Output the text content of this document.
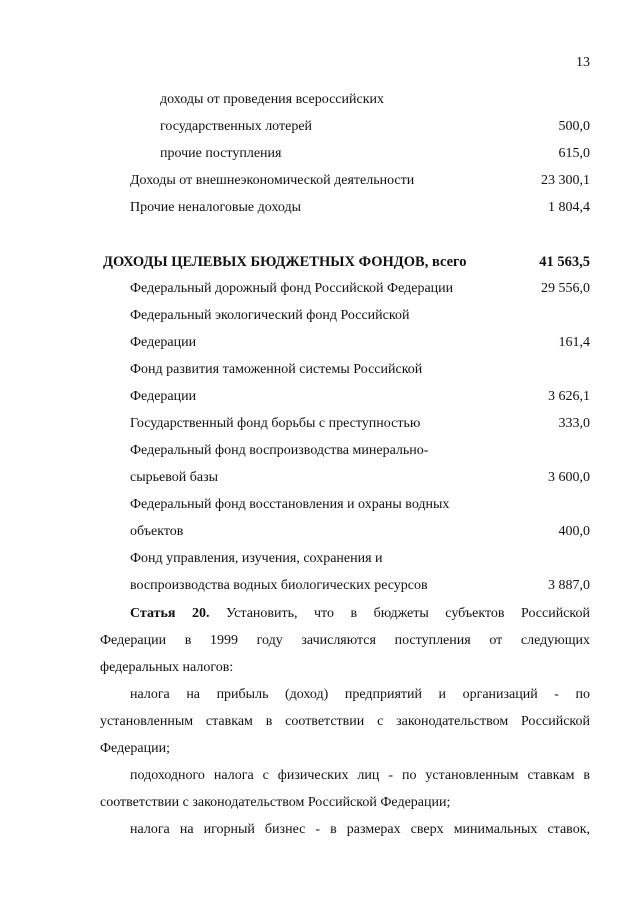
13
доходы от проведения всероссийских
государственных лотерей	500,0
прочие поступления	615,0
Доходы от внешнеэкономической деятельности	23 300,1
Прочие неналоговые доходы	1 804,4
ДОХОДЫ ЦЕЛЕВЫХ БЮДЖЕТНЫХ ФОНДОВ, всего	41 563,5
Федеральный дорожный фонд Российской Федерации	29 556,0
Федеральный экологический фонд Российской
Федерации	161,4
Фонд развития таможенной системы Российской
Федерации	3 626,1
Государственный фонд борьбы с преступностью	333,0
Федеральный фонд воспроизводства минерально-
сырьевой базы	3 600,0
Федеральный фонд восстановления и охраны водных
объектов	400,0
Фонд управления, изучения, сохранения и
воспроизводства водных биологических ресурсов	3 887,0
Статья 20. Установить, что в бюджеты субъектов Российской
Федерации в 1999 году зачисляются поступления от следующих
федеральных налогов:
налога на прибыль (доход) предприятий и организаций - по
установленным ставкам в соответствии с законодательством Российской
Федерации;
подоходного налога с физических лиц - по установленным ставкам в
соответствии с законодательством Российской Федерации;
налога на игорный бизнес - в размерах сверх минимальных ставок,
